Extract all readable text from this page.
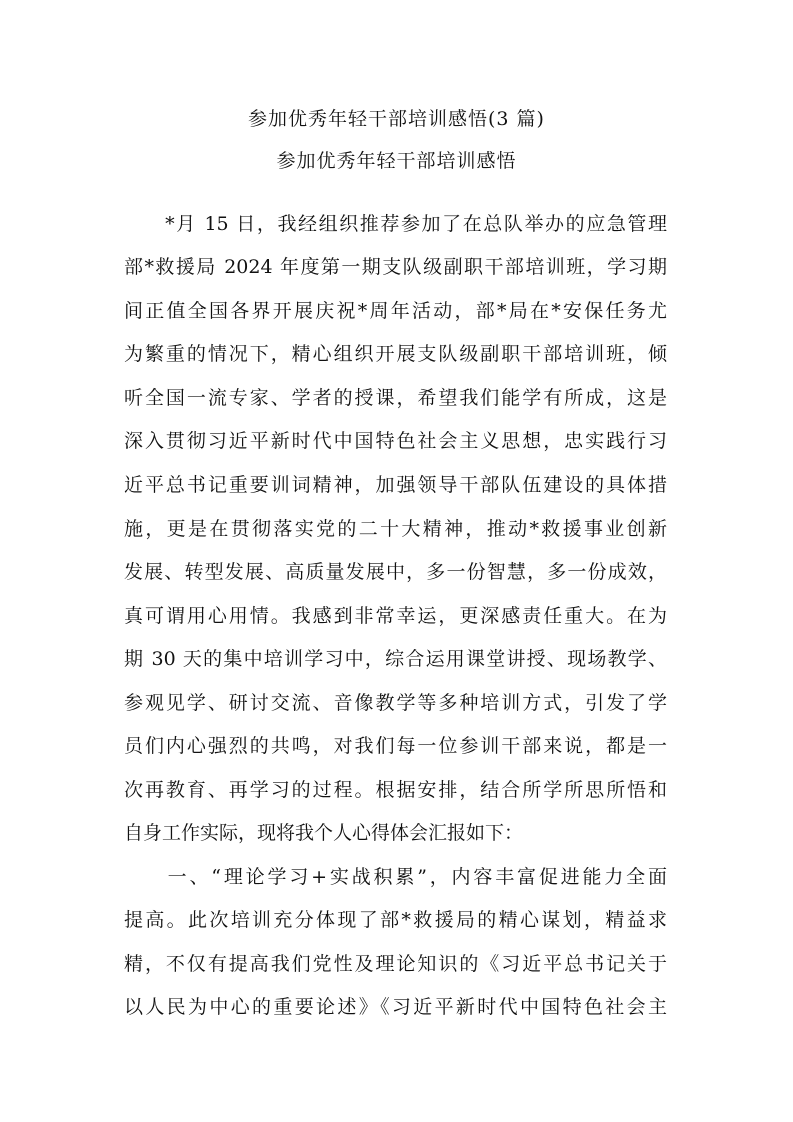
参加优秀年轻干部培训感悟(3 篇)
参加优秀年轻干部培训感悟
　　*月 15 日，我经组织推荐参加了在总队举办的应急管理
部*救援局 2024 年度第一期支队级副职干部培训班，学习期
间正值全国各界开展庆祝*周年活动，部*局在*安保任务尤
为繁重的情况下，精心组织开展支队级副职干部培训班，倾
听全国一流专家、学者的授课，希望我们能学有所成，这是
深入贯彻习近平新时代中国特色社会主义思想，忠实践行习
近平总书记重要训词精神，加强领导干部队伍建设的具体措
施，更是在贯彻落实党的二十大精神，推动*救援事业创新
发展、转型发展、高质量发展中，多一份智慧，多一份成效，
真可谓用心用情。我感到非常幸运，更深感责任重大。在为
期 30 天的集中培训学习中，综合运用课堂讲授、现场教学、
参观见学、研讨交流、音像教学等多种培训方式，引发了学
员们内心强烈的共鸣，对我们每一位参训干部来说，都是一
次再教育、再学习的过程。根据安排，结合所学所思所悟和
自身工作实际，现将我个人心得体会汇报如下：
　　一、“理论学习+实战积累”，内容丰富促进能力全面
提高。此次培训充分体现了部*救援局的精心谋划，精益求
精，不仅有提高我们党性及理论知识的《习近平总书记关于
以人民为中心的重要论述》《习近平新时代中国特色社会主
